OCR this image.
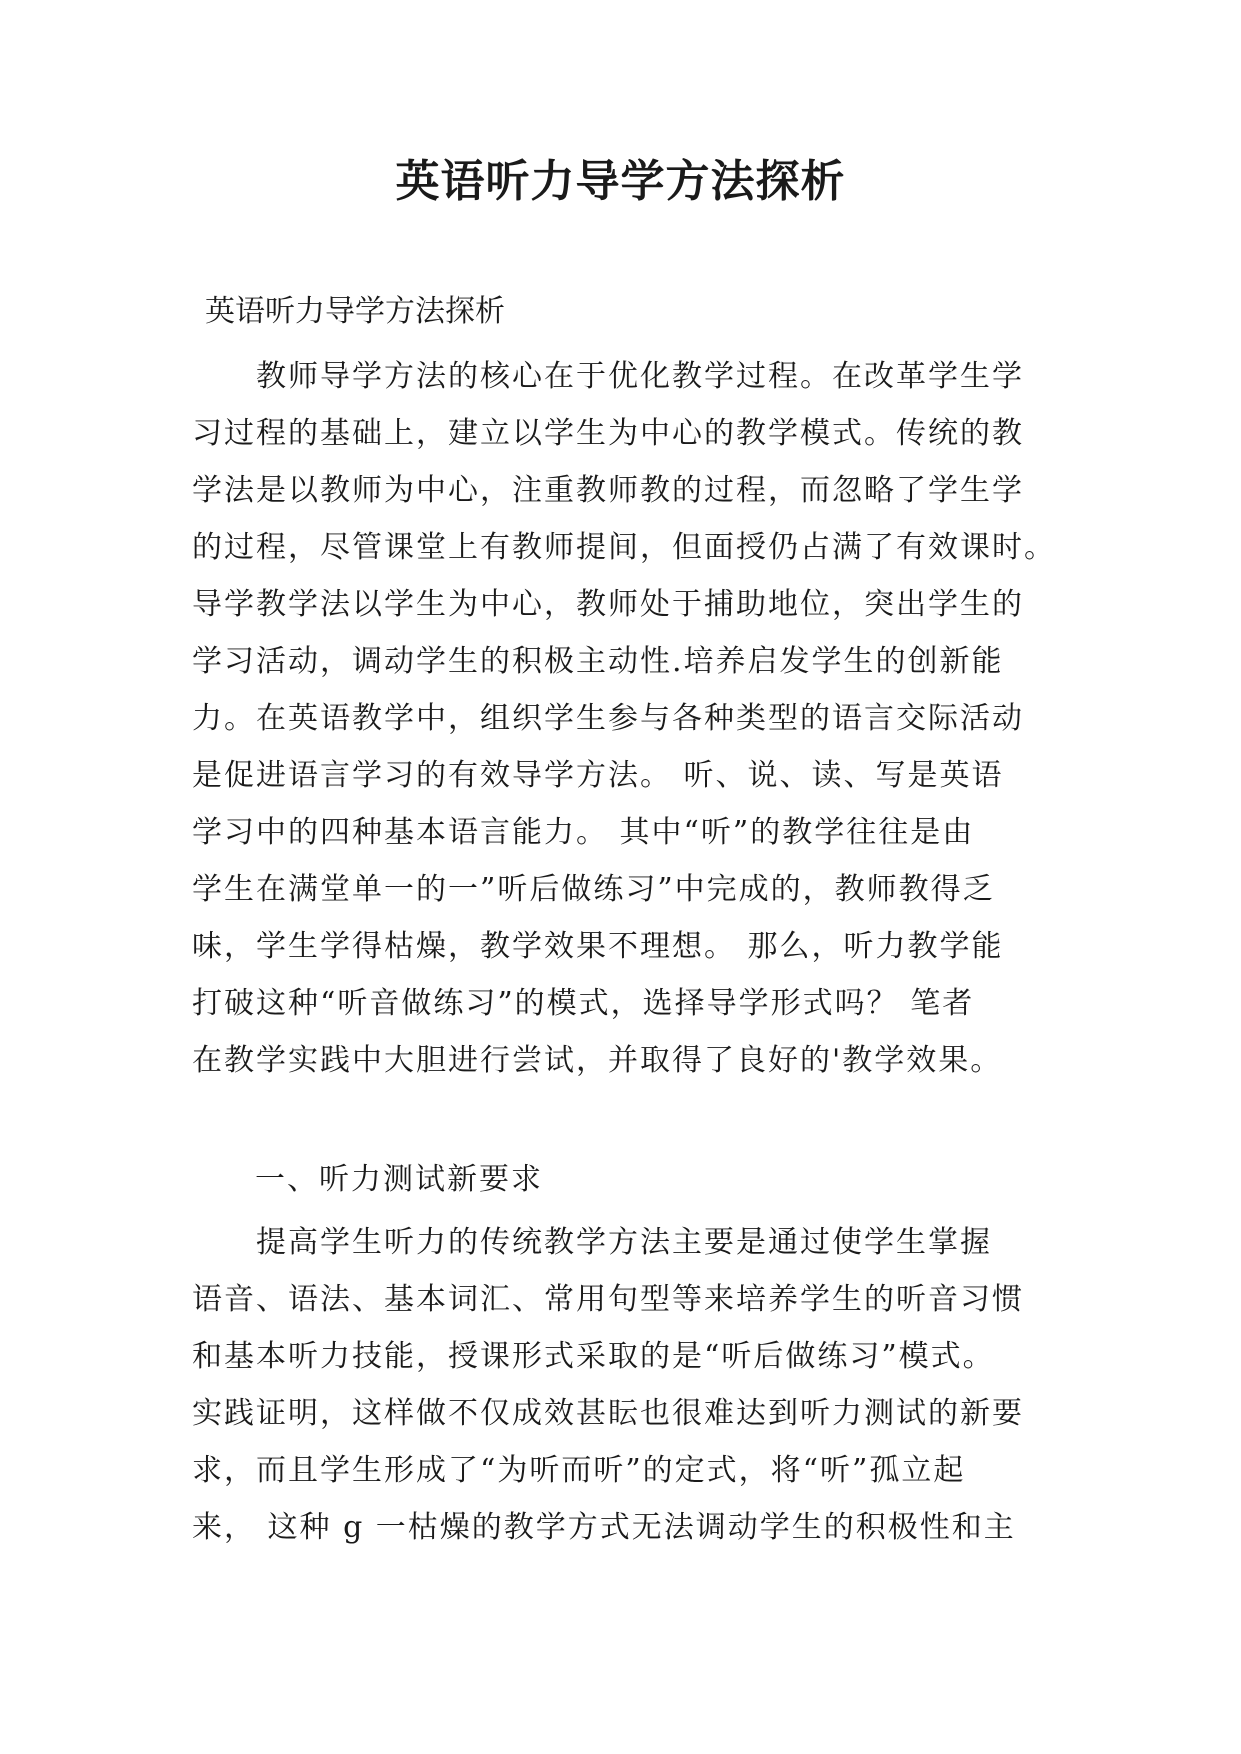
英语听力导学方法探析

英语听力导学方法探析

教师导学方法的核心在于优化教学过程。在改革学生学
习过程的基础上，建立以学生为中心的教学模式。传统的教
学法是以教师为中心，注重教师教的过程，而忽略了学生学
的过程，尽管课堂上有教师提间，但面授仍占满了有效课时。
导学教学法以学生为中心，教师处于捕助地位，突出学生的
学习活动，调动学生的积极主动性.培养启发学生的创新能
力。在英语教学中，组织学生参与各种类型的语言交际活动
是促进语言学习的有效导学方法。 听、说、读、写是英语
学习中的四种基本语言能力。 其中“听”的教学往往是由
学生在满堂单一的一”听后做练习”中完成的，教师教得乏
味，学生学得枯燥，教学效果不理想。 那么，听力教学能
打破这种“听音做练习”的模式，选择导学形式吗？ 笔者
在教学实践中大胆进行尝试，并取得了良好的'教学效果。

一、听力测试新要求

提高学生听力的传统教学方法主要是通过使学生掌握
语音、语法、基本词汇、常用句型等来培养学生的听音习惯
和基本听力技能，授课形式采取的是“听后做练习”模式。
实践证明，这样做不仅成效甚眃也很难达到听力测试的新要
求，而且学生形成了“为听而听”的定式，将“听”孤立起
来， 这种 g 一枯燥的教学方式无法调动学生的积极性和主
